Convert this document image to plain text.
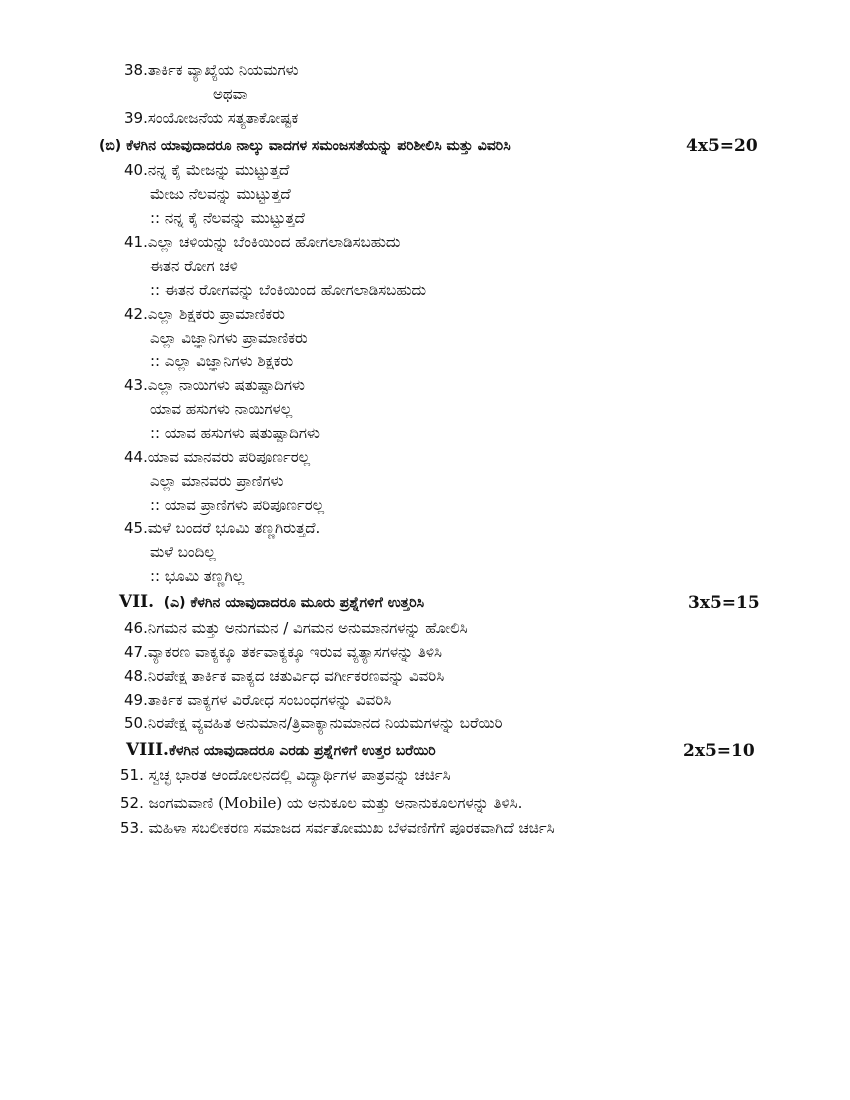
38.ತಾರ್ಕಿಕ ವ್ಯಾಖ್ಯೆಯ ನಿಯಮಗಳು
ಅಥವಾ
39.ಸಂಯೋಜನೆಯ ಸತ್ಯತಾಕೋಷ್ಟಕ
(ಬಿ) ಕೆಳಗಿನ ಯಾವುದಾದರೂ ನಾಲ್ಕು ವಾದಗಳ ಸಮಂಜಸತೆಯನ್ನು ಪರಿಶೀಲಿಸಿ ಮತ್ತು ವಿವರಿಸಿ	4x5=20
40.ನನ್ನ ಕೈ ಮೇಜನ್ನು ಮುಟ್ಟುತ್ತದೆ
ಮೇಜು ನೆಲವನ್ನು ಮುಟ್ಟುತ್ತದೆ
:: ನನ್ನ ಕೈ ನೆಲವನ್ನು ಮುಟ್ಟುತ್ತದೆ
41.ಎಲ್ಲಾ ಚಳಿಯನ್ನು ಬೆಂಕಿಯಿಂದ ಹೋಗಲಾಡಿಸಬಹುದು
ಈತನ ರೋಗ ಚಳಿ
:: ಈತನ ರೋಗವನ್ನು ಬೆಂಕಿಯಿಂದ ಹೋಗಲಾಡಿಸಬಹುದು
42.ಎಲ್ಲಾ ಶಿಕ್ಷಕರು ಪ್ರಾಮಾಣಿಕರು
ಎಲ್ಲಾ ವಿಜ್ಞಾನಿಗಳು ಪ್ರಾಮಾಣಿಕರು
:: ಎಲ್ಲಾ ವಿಜ್ಞಾನಿಗಳು ಶಿಕ್ಷಕರು
43.ಎಲ್ಲಾ ನಾಯಿಗಳು ಷತುಷ್ಪಾದಿಗಳು
ಯಾವ ಹಸುಗಳು ನಾಯಿಗಳಲ್ಲ
:: ಯಾವ ಹಸುಗಳು ಷತುಷ್ಪಾದಿಗಳು
44.ಯಾವ ಮಾನವರು ಪರಿಪೂರ್ಣರಲ್ಲ
ಎಲ್ಲಾ ಮಾನವರು ಪ್ರಾಣಿಗಳು
:: ಯಾವ ಪ್ರಾಣಿಗಳು ಪರಿಪೂರ್ಣರಲ್ಲ
45.ಮಳೆ ಬಂದರೆ ಭೂಮಿ ತಣ್ಣಗಿರುತ್ತದೆ.
ಮಳೆ ಬಂದಿಲ್ಲ
:: ಭೂಮಿ ತಣ್ಣಗಿಲ್ಲ
VII. (ಎ) ಕೆಳಗಿನ ಯಾವುದಾದರೂ ಮೂರು ಪ್ರಶ್ನೆಗಳಿಗೆ ಉತ್ತರಿಸಿ	3x5=15
46.ನಿಗಮನ ಮತ್ತು ಅನುಗಮನ / ವಿಗಮನ ಅನುಮಾನಗಳನ್ನು ಹೋಲಿಸಿ
47.ವ್ಯಾಕರಣ ವಾಕ್ಯಕ್ಕೂ ತರ್ಕವಾಕ್ಯಕ್ಕೂ ಇರುವ ವ್ಯತ್ಯಾಸಗಳನ್ನು ತಿಳಿಸಿ
48.ನಿರಪೇಕ್ಷ ತಾರ್ಕಿಕ ವಾಕ್ಯದ ಚತುರ್ವಿಧ ವರ್ಗೀಕರಣವನ್ನು ವಿವರಿಸಿ
49.ತಾರ್ಕಿಕ ವಾಕ್ಯಗಳ ವಿರೋಧ ಸಂಬಂಧಗಳನ್ನು ವಿವರಿಸಿ
50.ನಿರಪೇಕ್ಷ ವ್ಯವಹಿತ ಅನುಮಾನ/ತ್ರಿವಾಕ್ಯಾನುಮಾನದ ನಿಯಮಗಳನ್ನು ಬರೆಯಿರಿ
VIII.ಕೆಳಗಿನ ಯಾವುದಾದರೂ ಎರಡು ಪ್ರಶ್ನೆಗಳಿಗೆ ಉತ್ತರ ಬರೆಯಿರಿ	2x5=10
51. ಸ್ವಚ್ಛ ಭಾರತ ಆಂದೋಲನದಲ್ಲಿ ವಿದ್ಯಾರ್ಥಿಗಳ ಪಾತ್ರವನ್ನು ಚರ್ಚಿಸಿ
52. ಜಂಗಮವಾಣಿ (Mobile) ಯ ಅನುಕೂಲ ಮತ್ತು ಅನಾನುಕೂಲಗಳನ್ನು ತಿಳಿಸಿ.
53. ಮಹಿಳಾ ಸಬಲೀಕರಣ ಸಮಾಜದ ಸರ್ವತೋಮುಖ ಬೆಳವಣಿಗೆಗೆ ಪೂರಕವಾಗಿದೆ ಚರ್ಚಿಸಿ
